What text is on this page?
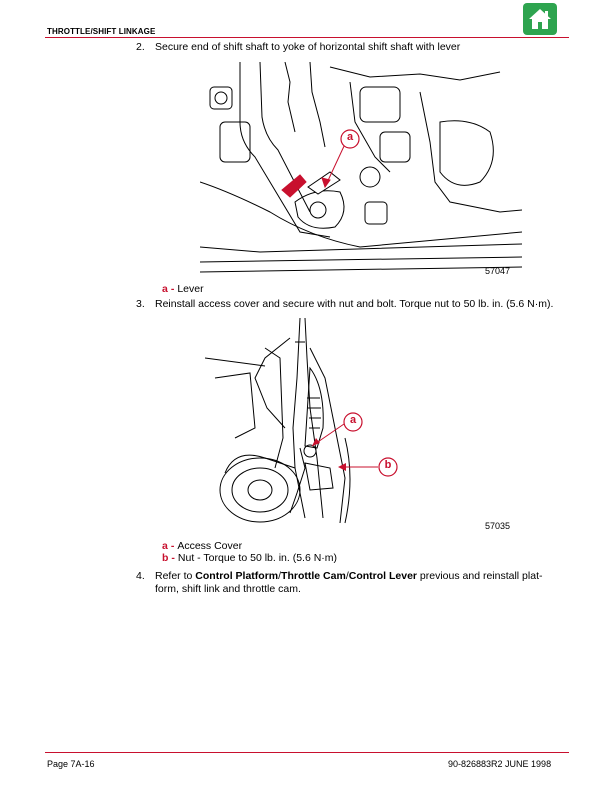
THROTTLE/SHIFT LINKAGE
2. Secure end of shift shaft to yoke of horizontal shift shaft with lever
a
57047
a - Lever
3. Reinstall access cover and secure with nut and bolt. Torque nut to 50 lb. in. (5.6 N·m).
a
b
57035
a - Access Cover
b - Nut - Torque to 50 lb. in. (5.6 N·m)
4. Refer to Control Platform/Throttle Cam/Control Lever previous and reinstall plat-
form, shift link and throttle cam.
Page 7A-16	90-826883R2 JUNE 1998
